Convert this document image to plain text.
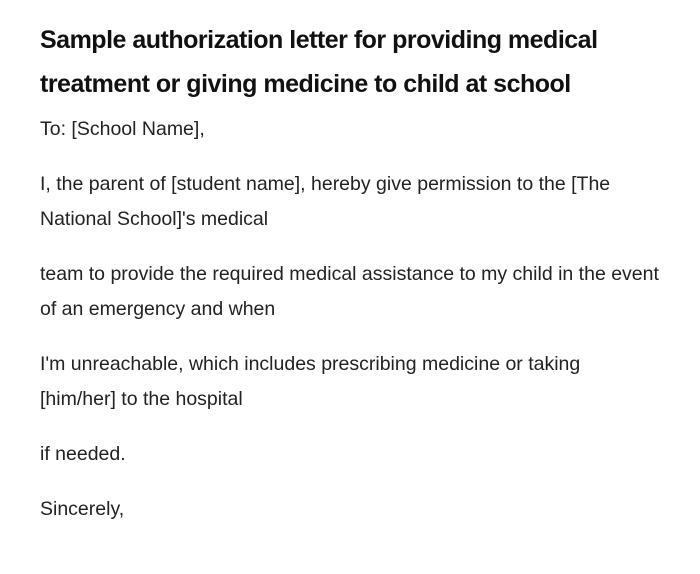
Sample authorization letter for providing medical treatment or giving medicine to child at school

To: [School Name],

I, the parent of [student name], hereby give permission to the [The National School]'s medical

team to provide the required medical assistance to my child in the event of an emergency and when

I'm unreachable, which includes prescribing medicine or taking [him/her] to the hospital

if needed.

Sincerely,
